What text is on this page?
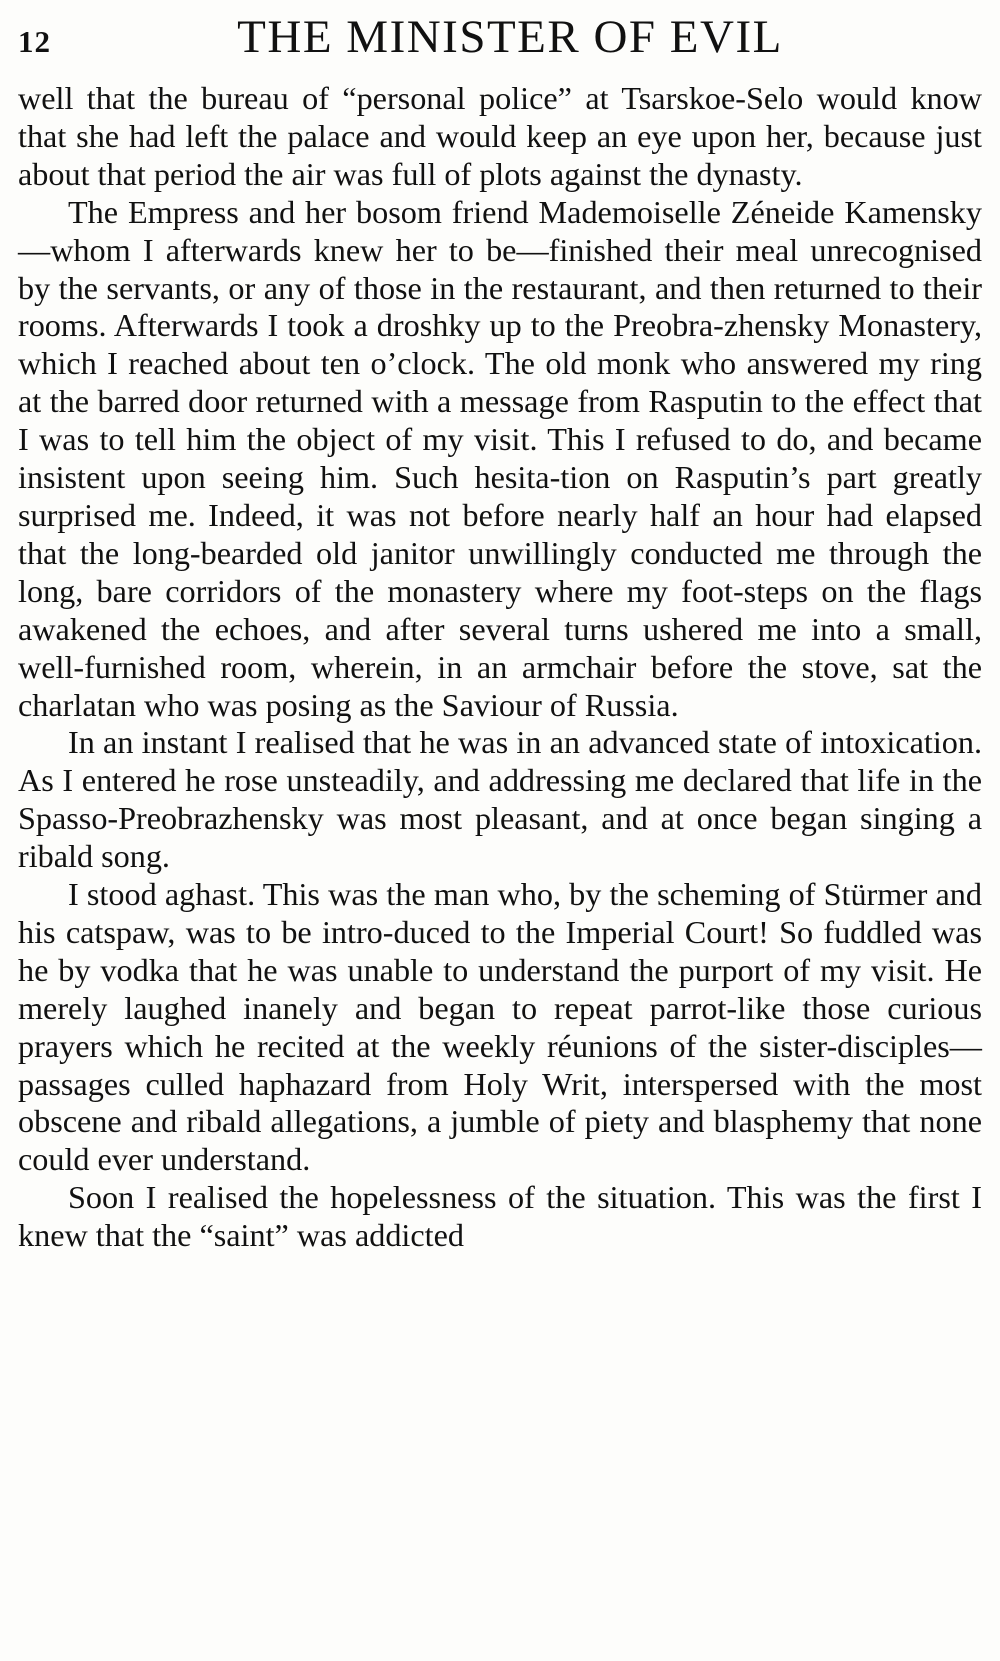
12	THE MINISTER OF EVIL

well that the bureau of “personal police” at Tsarskoe-Selo would know that she had left the palace and would keep an eye upon her, because just about that period the air was full of plots against the dynasty.

The Empress and her bosom friend Mademoiselle Zéneide Kamensky—whom I afterwards knew her to be—finished their meal unrecognised by the servants, or any of those in the restaurant, and then returned to their rooms. Afterwards I took a droshky up to the Preobra-zhensky Monastery, which I reached about ten o’clock. The old monk who answered my ring at the barred door returned with a message from Rasputin to the effect that I was to tell him the object of my visit. This I refused to do, and became insistent upon seeing him. Such hesita-tion on Rasputin’s part greatly surprised me. Indeed, it was not before nearly half an hour had elapsed that the long-bearded old janitor unwillingly conducted me through the long, bare corridors of the monastery where my foot-steps on the flags awakened the echoes, and after several turns ushered me into a small, well-furnished room, wherein, in an armchair before the stove, sat the charlatan who was posing as the Saviour of Russia.

In an instant I realised that he was in an advanced state of intoxication. As I entered he rose unsteadily, and addressing me declared that life in the Spasso-Preobrazhensky was most pleasant, and at once began singing a ribald song.

I stood aghast. This was the man who, by the scheming of Stürmer and his catspaw, was to be intro-duced to the Imperial Court! So fuddled was he by vodka that he was unable to understand the purport of my visit. He merely laughed inanely and began to repeat parrot-like those curious prayers which he recited at the weekly réunions of the sister-disciples—passages culled haphazard from Holy Writ, interspersed with the most obscene and ribald allegations, a jumble of piety and blasphemy that none could ever understand.

Soon I realised the hopelessness of the situation. This was the first I knew that the “saint” was addicted
